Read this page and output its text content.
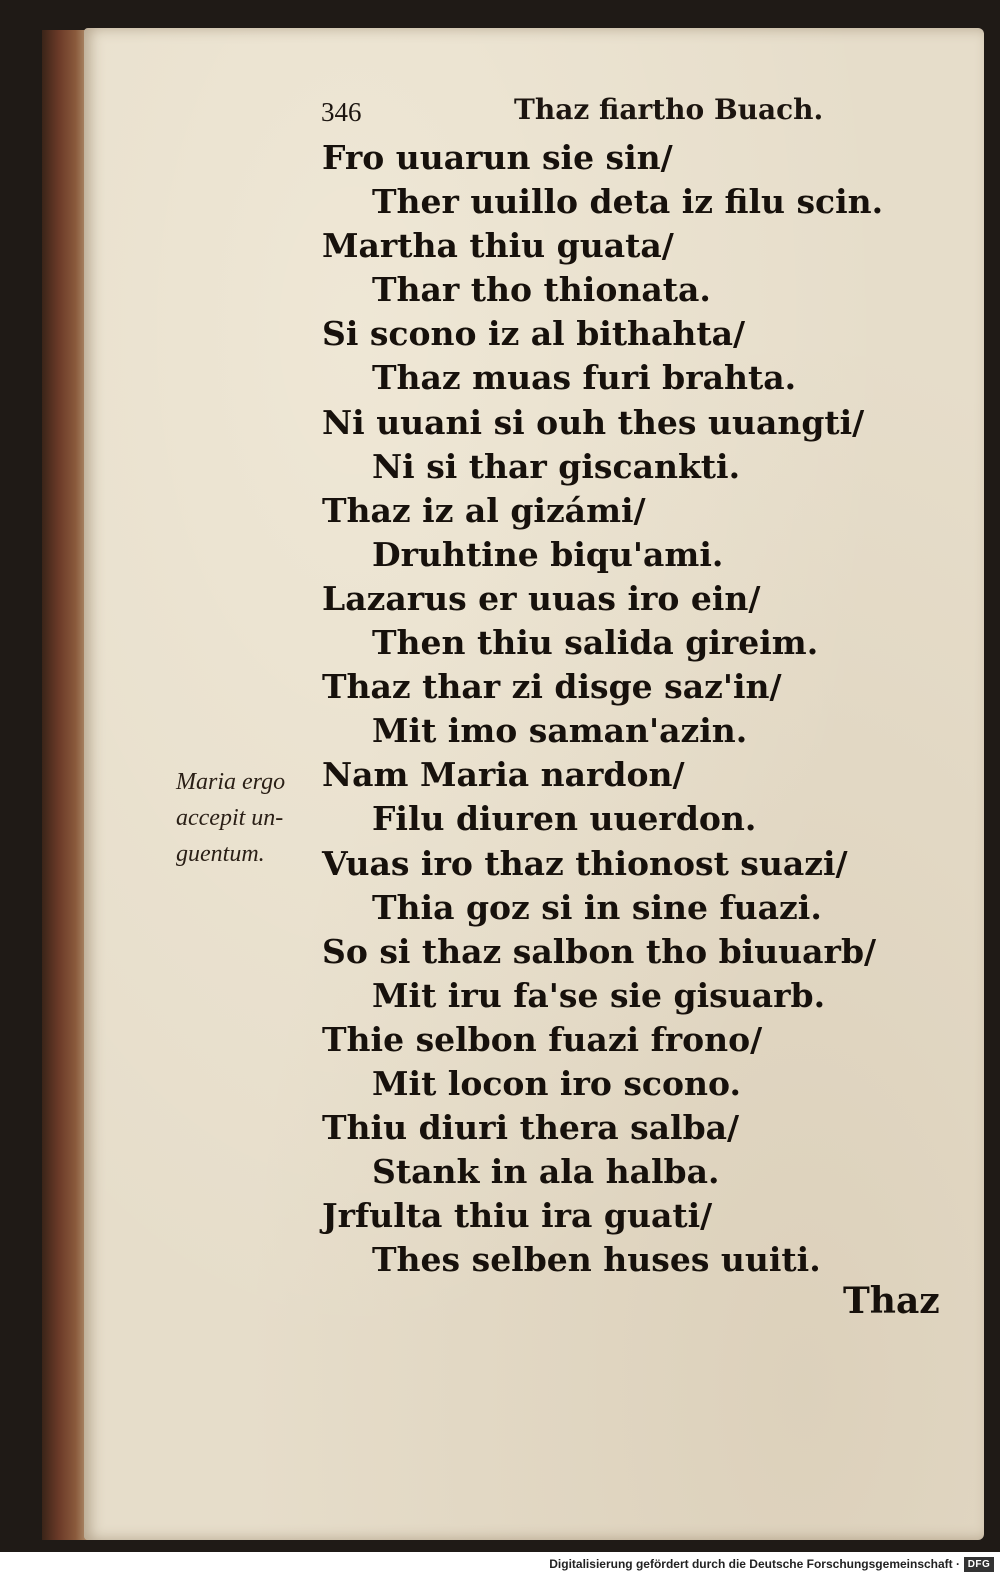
346	Thaz fiartho Buach.
Fro uuarun sie sin/
Ther uuillo deta iz filu scin.
Martha thiu guata/
Thar tho thionata.
Si scono iz al bithahta/
Thaz muas furi brahta.
Ni uuani si ouh thes uuangti/
Ni si thar giscankti.
Thaz iz al gizámi/
Druhtine biqu'ami.
Lazarus er uuas iro ein/
Then thiu salida gireim.
Thaz thar zi disge saz'in/
Mit imo saman'azin.
Nam Maria nardon/
Filu diuren uuerdon.
Vuas iro thaz thionost suazi/
Thia goz si in sine fuazi.
So si thaz salbon tho biuuarb/
Mit iru fa'se sie gisuarb.
Thie selbon fuazi frono/
Mit locon iro scono.
Thiu diuri thera salba/
Stank in ala halba.
Jrfulta thiu ira guati/
Thes selben huses uuiti.
Maria ergo
accepit un-
guentum.
Thaz
Digitalisierung gefördert durch die Deutsche Forschungsgemeinschaft · DFG
